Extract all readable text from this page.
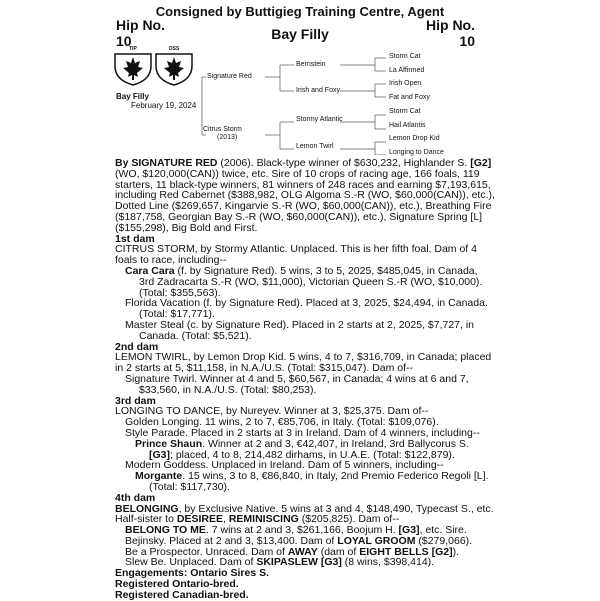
Consigned by Buttigieg Training Centre, Agent
Hip No.
10
Hip No.
10
Bay Filly
TIP	OSS
Bay Filly
February 19, 2024
Signature Red
Citrus Storm
(2013)
Bernstein
Irish and Foxy
Stormy Atlantic
Lemon Twirl
Storm Cat
La Affirmed
Irish Open
Fat and Foxy
Storm Cat
Hail Atlantis
Lemon Drop Kid
Longing to Dance

By SIGNATURE RED (2006). Black-type winner of $630,232, Highlander S. [G2] (WO, $120,000(CAN)) twice, etc. Sire of 10 crops of racing age, 166 foals, 119 starters, 11 black-type winners, 81 winners of 248 races and earning $7,193,615, including Red Cabernet ($388,982, OLG Algoma S.-R (WO, $60,000(CAN)), etc.), Dotted Line ($269,657, Kingarvie S.-R (WO, $60,000(CAN)), etc.), Breathing Fire ($187,758, Georgian Bay S.-R (WO, $60,000(CAN)), etc.), Signature Spring [L] ($155,298), Big Bold and First.

1st dam

CITRUS STORM, by Stormy Atlantic. Unplaced. This is her fifth foal. Dam of 4 foals to race, including--

Cara Cara (f. by Signature Red). 5 wins, 3 to 5, 2025, $485,045, in Canada, 3rd Zadracarta S.-R (WO, $11,000), Victorian Queen S.-R (WO, $10,000). (Total: $355,563).

Florida Vacation (f. by Signature Red). Placed at 3, 2025, $24,494, in Canada. (Total: $17,771).

Master Steal (c. by Signature Red). Placed in 2 starts at 2, 2025, $7,727, in Canada. (Total: $5,521).

2nd dam

LEMON TWIRL, by Lemon Drop Kid. 5 wins, 4 to 7, $316,709, in Canada; placed in 2 starts at 5, $11,158, in N.A./U.S. (Total: $315,047). Dam of--

Signature Twirl. Winner at 4 and 5, $60,567, in Canada; 4 wins at 6 and 7, $33,560, in N.A./U.S. (Total: $80,253).

3rd dam

LONGING TO DANCE, by Nureyev. Winner at 3, $25,375. Dam of--

Golden Longing. 11 wins, 2 to 7, €85,706, in Italy. (Total: $109,076).

Style Parade. Placed in 2 starts at 3 in Ireland. Dam of 4 winners, including--

Prince Shaun. Winner at 2 and 3, €42,407, in Ireland, 3rd Ballycorus S. [G3]; placed, 4 to 8, 214,482 dirhams, in U.A.E. (Total: $122,879).

Modern Goddess. Unplaced in Ireland. Dam of 5 winners, including--

Morgante. 15 wins, 3 to 8, €86,840, in Italy, 2nd Premio Federico Regoli [L]. (Total: $117,730).

4th dam

BELONGING, by Exclusive Native. 5 wins at 3 and 4, $148,490, Typecast S., etc. Half-sister to DESIREE, REMINISCING ($205,825). Dam of--

BELONG TO ME. 7 wins at 2 and 3, $261,166, Boojum H. [G3], etc. Sire.

Bejinsky. Placed at 2 and 3, $13,400. Dam of LOYAL GROOM ($279,066).

Be a Prospector. Unraced. Dam of AWAY (dam of EIGHT BELLS [G2]).

Slew Be. Unplaced. Dam of SKIPASLEW [G3] (8 wins, $398,414).

Engagements: Ontario Sires S.
Registered Ontario-bred.
Registered Canadian-bred.
